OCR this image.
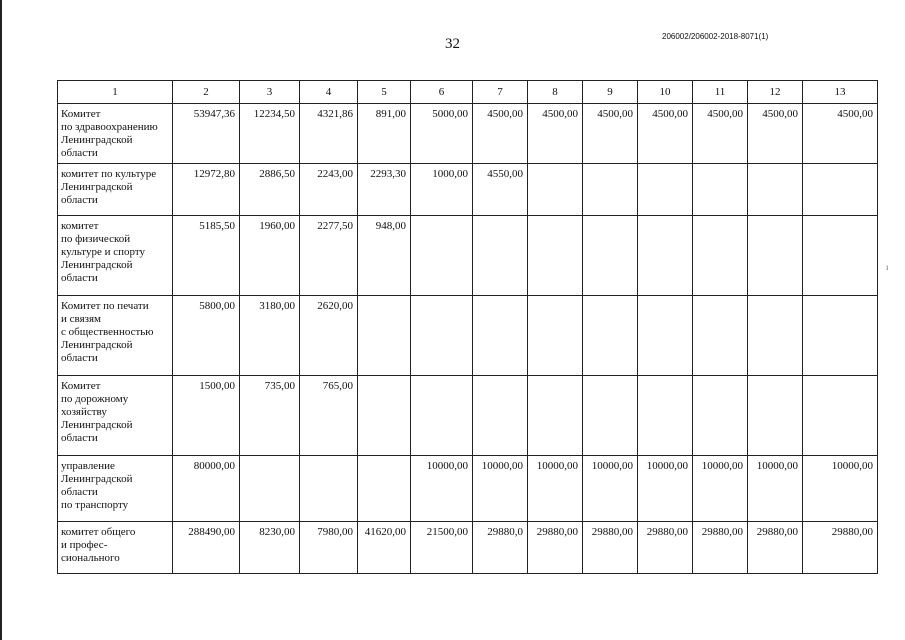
32	206002/206002-2018-8071(1)
ı
1	2	3	4	5	6	7	8	9	10	11	12	13
Комитет
по здравоохранению
Ленинградской
области	53947,36	12234,50	4321,86	891,00	5000,00	4500,00	4500,00	4500,00	4500,00	4500,00	4500,00	4500,00
комитет по культуре
Ленинградской
области	12972,80	2886,50	2243,00	2293,30	1000,00	4550,00						
комитет
по физической
культуре и спорту
Ленинградской
области	5185,50	1960,00	2277,50	948,00								
Комитет по печати
и связям
с общественностью
Ленинградской
области	5800,00	3180,00	2620,00									
Комитет
по дорожному
хозяйству
Ленинградской
области	1500,00	735,00	765,00									
управление
Ленинградской
области
по транспорту	80000,00				10000,00	10000,00	10000,00	10000,00	10000,00	10000,00	10000,00	10000,00
комитет общего
и профес-
сионального	288490,00	8230,00	7980,00	41620,00	21500,00	29880,0	29880,00	29880,00	29880,00	29880,00	29880,00	29880,00
